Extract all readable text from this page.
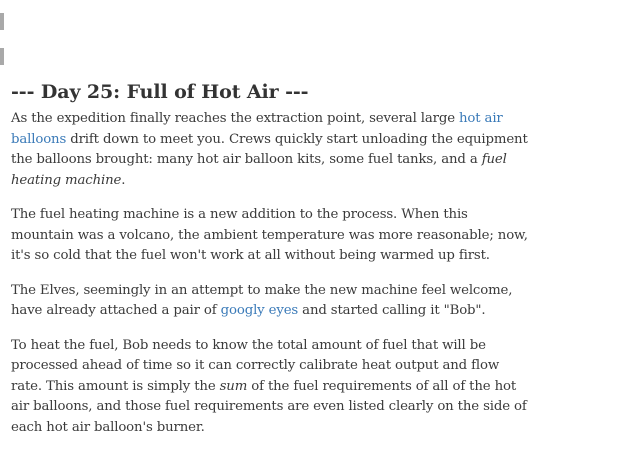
--- Day 25: Full of Hot Air ---

As the expedition finally reaches the extraction point, several large hot air balloons drift down to meet you. Crews quickly start unloading the equipment the balloons brought: many hot air balloon kits, some fuel tanks, and a fuel heating machine.

The fuel heating machine is a new addition to the process. When this mountain was a volcano, the ambient temperature was more reasonable; now, it's so cold that the fuel won't work at all without being warmed up first.

The Elves, seemingly in an attempt to make the new machine feel welcome, have already attached a pair of googly eyes and started calling it "Bob".

To heat the fuel, Bob needs to know the total amount of fuel that will be processed ahead of time so it can correctly calibrate heat output and flow rate. This amount is simply the sum of the fuel requirements of all of the hot air balloons, and those fuel requirements are even listed clearly on the side of each hot air balloon's burner.
